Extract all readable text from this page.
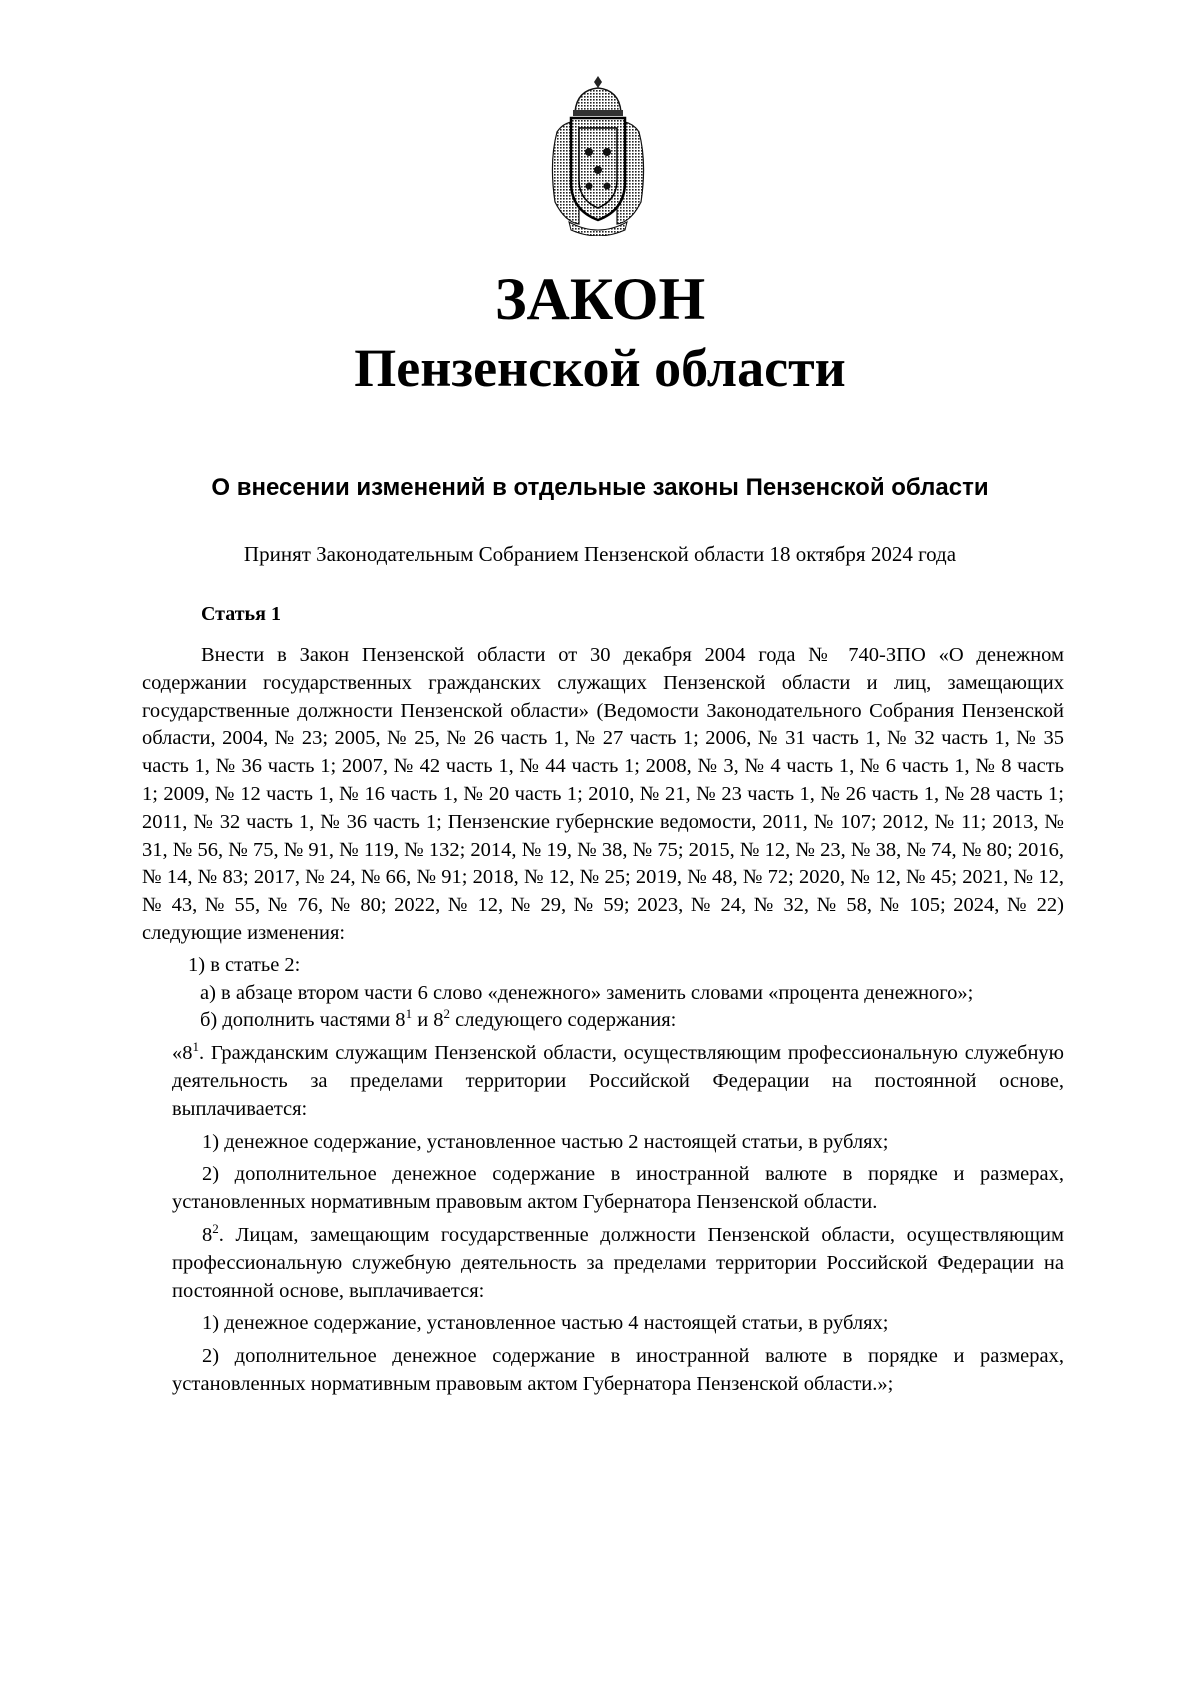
ЗАКОН
Пензенской области

О внесении изменений в отдельные законы Пензенской области

Принят Законодательным Собранием Пензенской области 18 октября 2024 года

Статья 1

Внести в Закон Пензенской области от 30 декабря 2004 года № 740-ЗПО «О денежном содержании государственных гражданских служащих Пензенской области и лиц, замещающих государственные должности Пензенской области» (Ведомости Законодательного Собрания Пензенской области, 2004, № 23; 2005, № 25, № 26 часть 1, № 27 часть 1; 2006, № 31 часть 1, № 32 часть 1, № 35 часть 1, № 36 часть 1; 2007, № 42 часть 1, № 44 часть 1; 2008, № 3, № 4 часть 1, № 6 часть 1, № 8 часть 1; 2009, № 12 часть 1, № 16 часть 1, № 20 часть 1; 2010, № 21, № 23 часть 1, № 26 часть 1, № 28 часть 1; 2011, № 32 часть 1, № 36 часть 1; Пензенские губернские ведомости, 2011, № 107; 2012, № 11; 2013, № 31, № 56, № 75, № 91, № 119, № 132; 2014, № 19, № 38, № 75; 2015, № 12, № 23, № 38, № 74, № 80; 2016, № 14, № 83; 2017, № 24, № 66, № 91; 2018, № 12, № 25; 2019, № 48, № 72; 2020, № 12, № 45; 2021, № 12, № 43, № 55, № 76, № 80; 2022, № 12, № 29, № 59; 2023, № 24, № 32, № 58, № 105; 2024, № 22) следующие изменения:

1) в статье 2:

а) в абзаце втором части 6 слово «денежного» заменить словами «процента денежного»;

б) дополнить частями $8^1$ и $8^2$ следующего содержания:

«$8^1$. Гражданским служащим Пензенской области, осуществляющим профессиональную служебную деятельность за пределами территории Российской Федерации на постоянной основе, выплачивается:

1) денежное содержание, установленное частью 2 настоящей статьи, в рублях;

2) дополнительное денежное содержание в иностранной валюте в порядке и размерах, установленных нормативным правовым актом Губернатора Пензенской области.

$8^2$. Лицам, замещающим государственные должности Пензенской области, осуществляющим профессиональную служебную деятельность за пределами территории Российской Федерации на постоянной основе, выплачивается:

1) денежное содержание, установленное частью 4 настоящей статьи, в рублях;

2) дополнительное денежное содержание в иностранной валюте в порядке и размерах, установленных нормативным правовым актом Губернатора Пензенской области.»;
